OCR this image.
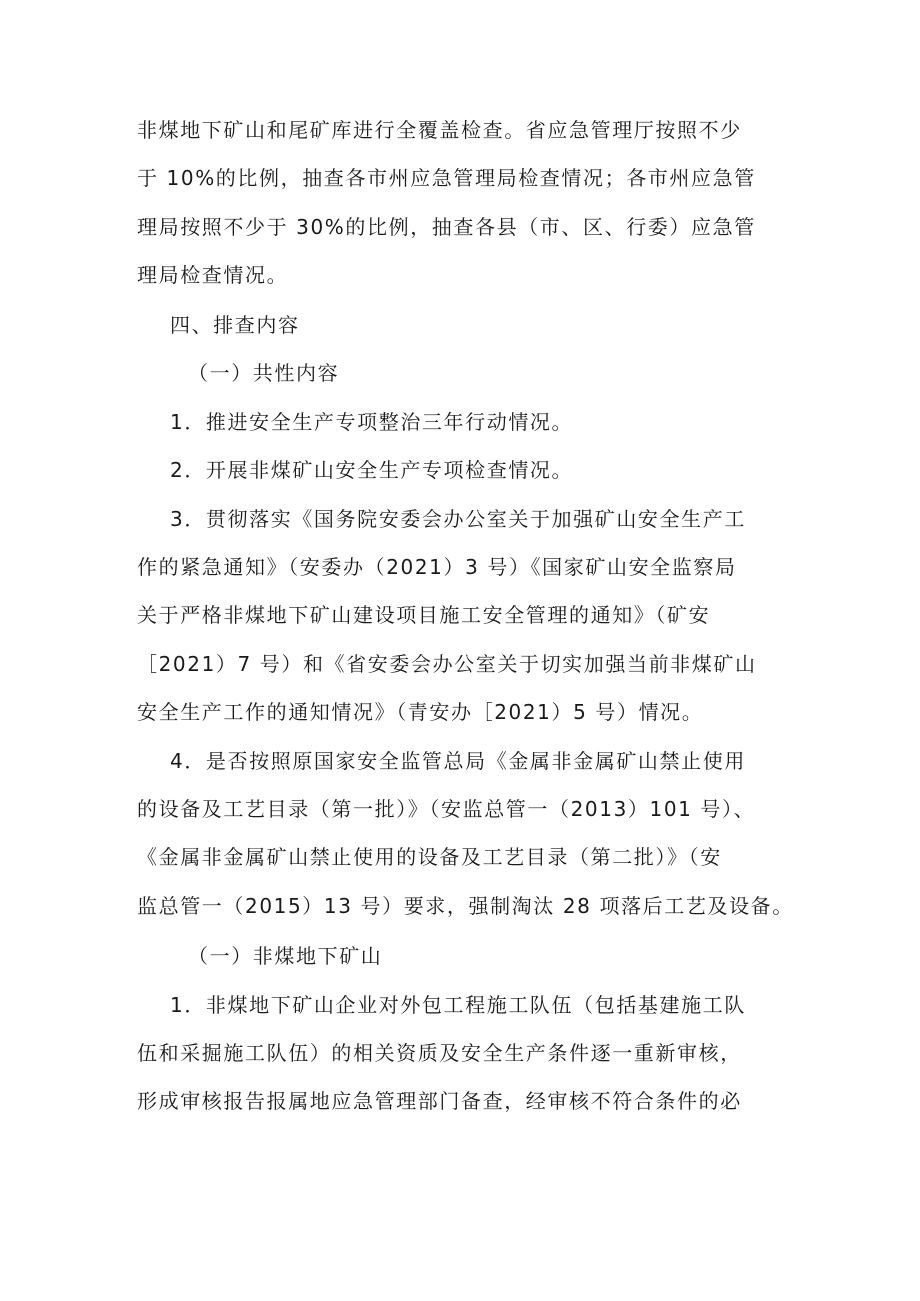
非煤地下矿山和尾矿库进行全覆盖检查。省应急管理厅按照不少
于 10%的比例，抽查各市州应急管理局检查情况；各市州应急管
理局按照不少于 30%的比例，抽查各县（市、区、行委）应急管
理局检查情况。
四、排查内容
（一）共性内容
1．推进安全生产专项整治三年行动情况。
2．开展非煤矿山安全生产专项检查情况。
3．贯彻落实《国务院安委会办公室关于加强矿山安全生产工
作的紧急通知》（安委办（2021）3 号）《国家矿山安全监察局
关于严格非煤地下矿山建设项目施工安全管理的通知》（矿安
［2021）7 号）和《省安委会办公室关于切实加强当前非煤矿山
安全生产工作的通知情况》（青安办［2021）5 号）情况。
4．是否按照原国家安全监管总局《金属非金属矿山禁止使用
的设备及工艺目录（第一批）》（安监总管一（2013）101 号）、
《金属非金属矿山禁止使用的设备及工艺目录（第二批）》（安
监总管一（2015）13 号）要求，强制淘汰 28 项落后工艺及设备。
（一）非煤地下矿山
1．非煤地下矿山企业对外包工程施工队伍（包括基建施工队
伍和采掘施工队伍）的相关资质及安全生产条件逐一重新审核，
形成审核报告报属地应急管理部门备查，经审核不符合条件的必
